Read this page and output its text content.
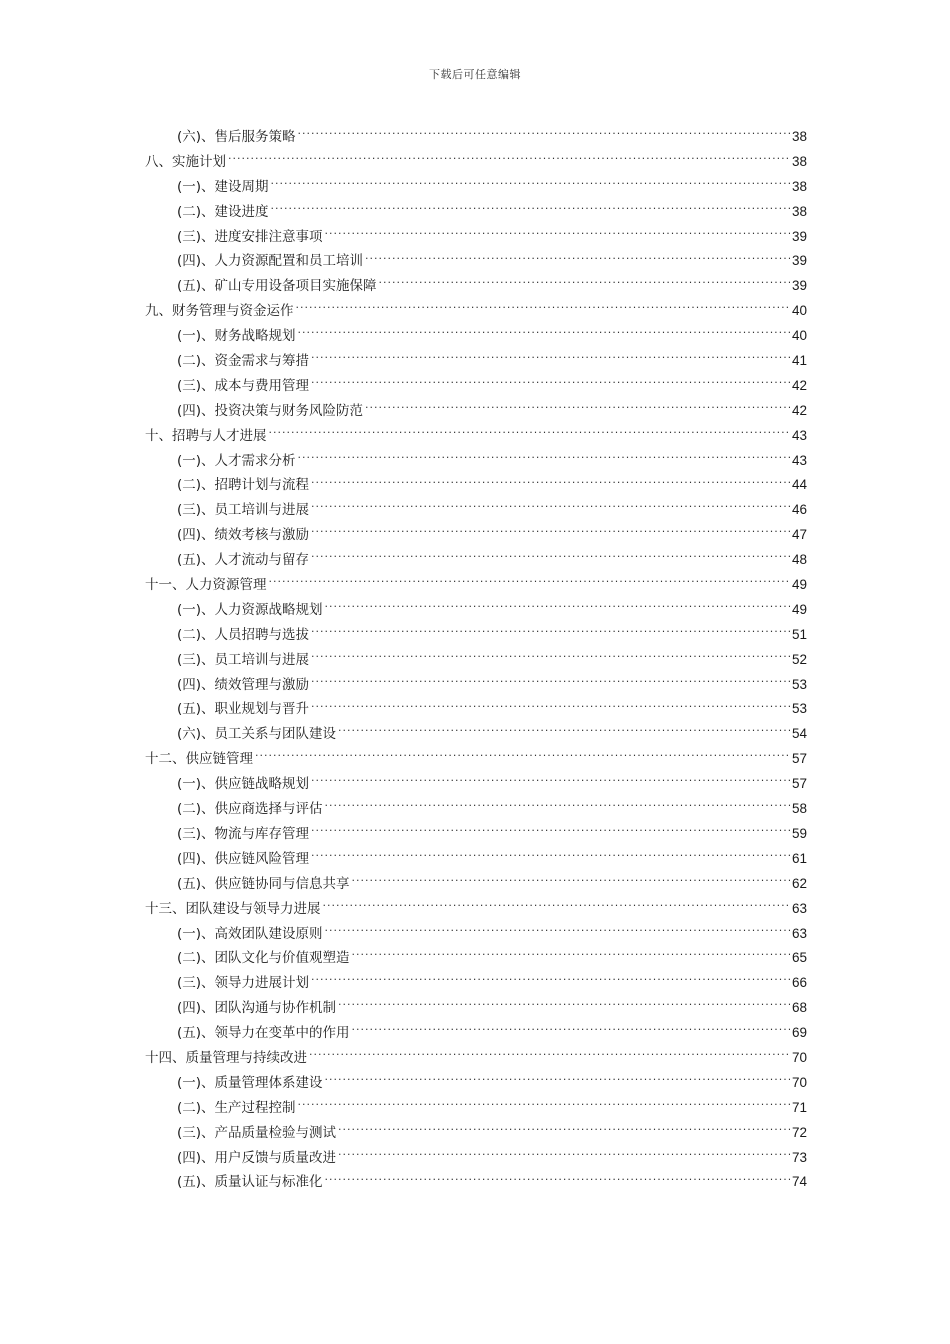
下载后可任意编辑
(六)、售后服务策略 .....	38
八、实施计划 .....	38
(一)、建设周期 .....	38
(二)、建设进度 .....	38
(三)、进度安排注意事项 .....	39
(四)、人力资源配置和员工培训 .....	39
(五)、矿山专用设备项目实施保障 .....	39
九、财务管理与资金运作 .....	40
(一)、财务战略规划 .....	40
(二)、资金需求与筹措 .....	41
(三)、成本与费用管理 .....	42
(四)、投资决策与财务风险防范 .....	42
十、招聘与人才进展 .....	43
(一)、人才需求分析 .....	43
(二)、招聘计划与流程 .....	44
(三)、员工培训与进展 .....	46
(四)、绩效考核与激励 .....	47
(五)、人才流动与留存 .....	48
十一、人力资源管理 .....	49
(一)、人力资源战略规划 .....	49
(二)、人员招聘与选拔 .....	51
(三)、员工培训与进展 .....	52
(四)、绩效管理与激励 .....	53
(五)、职业规划与晋升 .....	53
(六)、员工关系与团队建设 .....	54
十二、供应链管理 .....	57
(一)、供应链战略规划 .....	57
(二)、供应商选择与评估 .....	58
(三)、物流与库存管理 .....	59
(四)、供应链风险管理 .....	61
(五)、供应链协同与信息共享 .....	62
十三、团队建设与领导力进展 .....	63
(一)、高效团队建设原则 .....	63
(二)、团队文化与价值观塑造 .....	65
(三)、领导力进展计划 .....	66
(四)、团队沟通与协作机制 .....	68
(五)、领导力在变革中的作用 .....	69
十四、质量管理与持续改进 .....	70
(一)、质量管理体系建设 .....	70
(二)、生产过程控制 .....	71
(三)、产品质量检验与测试 .....	72
(四)、用户反馈与质量改进 .....	73
(五)、质量认证与标准化 .....	74
